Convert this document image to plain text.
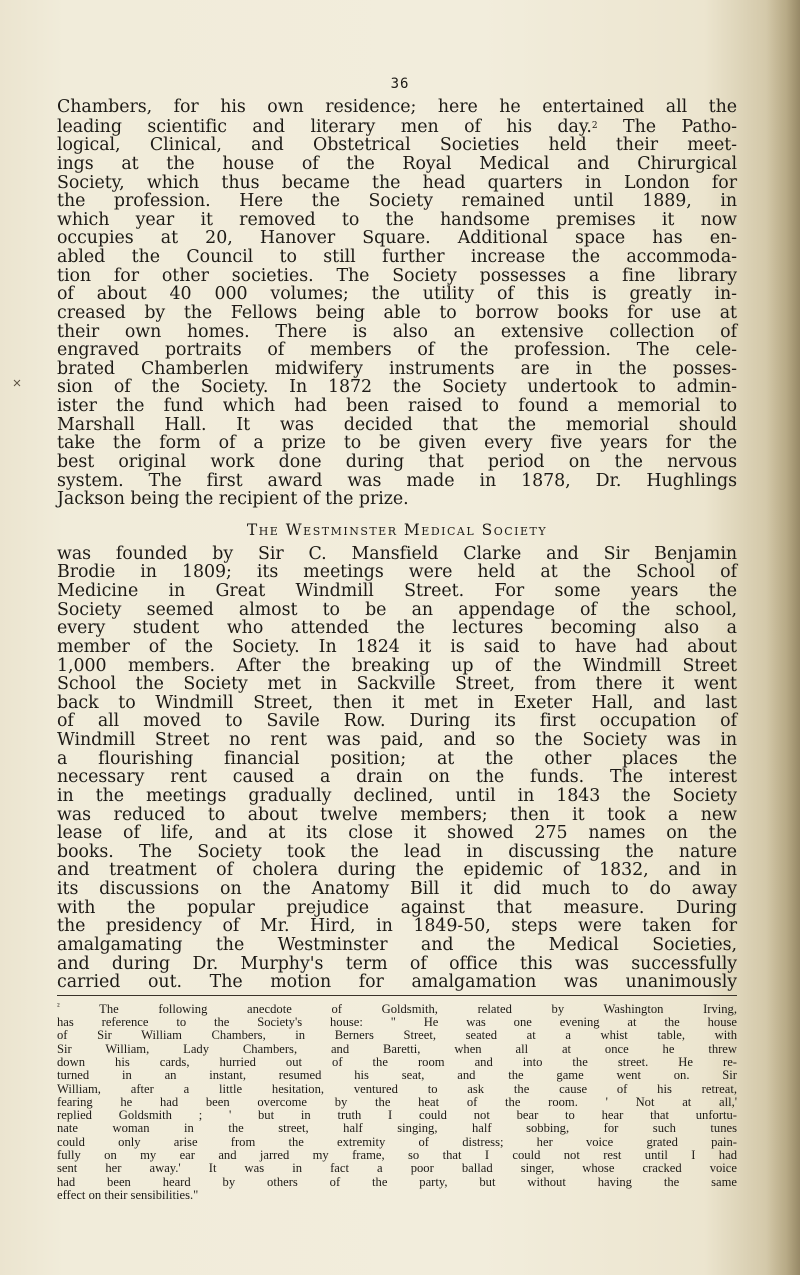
36

Chambers, for his own residence; here he entertained all the
leading scientific and literary men of his day.$^2$ The Patho-
logical, Clinical, and Obstetrical Societies held their meet-
ings at the house of the Royal Medical and Chirurgical
Society, which thus became the head quarters in London for
the profession. Here the Society remained until 1889, in
which year it removed to the handsome premises it now
occupies at 20, Hanover Square. Additional space has en-
abled the Council to still further increase the accommoda-
tion for other societies. The Society possesses a fine library
of about 40 000 volumes; the utility of this is greatly in-
creased by the Fellows being able to borrow books for use at
their own homes. There is also an extensive collection of
engraved portraits of members of the profession. The cele-
brated Chamberlen midwifery instruments are in the posses-
sion of the Society. In 1872 the Society undertook to admin-
ister the fund which had been raised to found a memorial to
Marshall Hall. It was decided that the memorial should
take the form of a prize to be given every five years for the
best original work done during that period on the nervous
system. The first award was made in 1878, Dr. Hughlings
Jackson being the recipient of the prize.

The Westminster Medical Society

was founded by Sir C. Mansfield Clarke and Sir Benjamin
Brodie in 1809; its meetings were held at the School of
Medicine in Great Windmill Street. For some years the
Society seemed almost to be an appendage of the school,
every student who attended the lectures becoming also a
member of the Society. In 1824 it is said to have had about
1,000 members. After the breaking up of the Windmill Street
School the Society met in Sackville Street, from there it went
back to Windmill Street, then it met in Exeter Hall, and last
of all moved to Savile Row. During its first occupation of
Windmill Street no rent was paid, and so the Society was in
a flourishing financial position; at the other places the
necessary rent caused a drain on the funds. The interest
in the meetings gradually declined, until in 1843 the Society
was reduced to about twelve members; then it took a new
lease of life, and at its close it showed 275 names on the
books. The Society took the lead in discussing the nature
and treatment of cholera during the epidemic of 1832, and in
its discussions on the Anatomy Bill it did much to do away
with the popular prejudice against that measure. During
the presidency of Mr. Hird, in 1849-50, steps were taken for
amalgamating the Westminster and the Medical Societies,
and during Dr. Murphy's term of office this was successfully
carried out. The motion for amalgamation was unanimously

$^{^2}$	The following anecdote of Goldsmith, related by Washington Irving,
has reference to the Society's house: " He was one evening at the house
of Sir William Chambers, in Berners Street, seated at a whist table, with
Sir William, Lady Chambers, and Baretti, when all at once he threw
down his cards, hurried out of the room and into the street. He re-
turned in an instant, resumed his seat, and the game went on. Sir
William, after a little hesitation, ventured to ask the cause of his retreat,
fearing he had been overcome by the heat of the room. ' Not at all,'
replied Goldsmith ; ' but in truth I could not bear to hear that unfortu-
nate woman in the street, half singing, half sobbing, for such tunes
could only arise from the extremity of distress; her voice grated pain-
fully on my ear and jarred my frame, so that I could not rest until I had
sent her away.' It was in fact a poor ballad singer, whose cracked voice
had been heard by others of the party, but without having the same
effect on their sensibilities."
